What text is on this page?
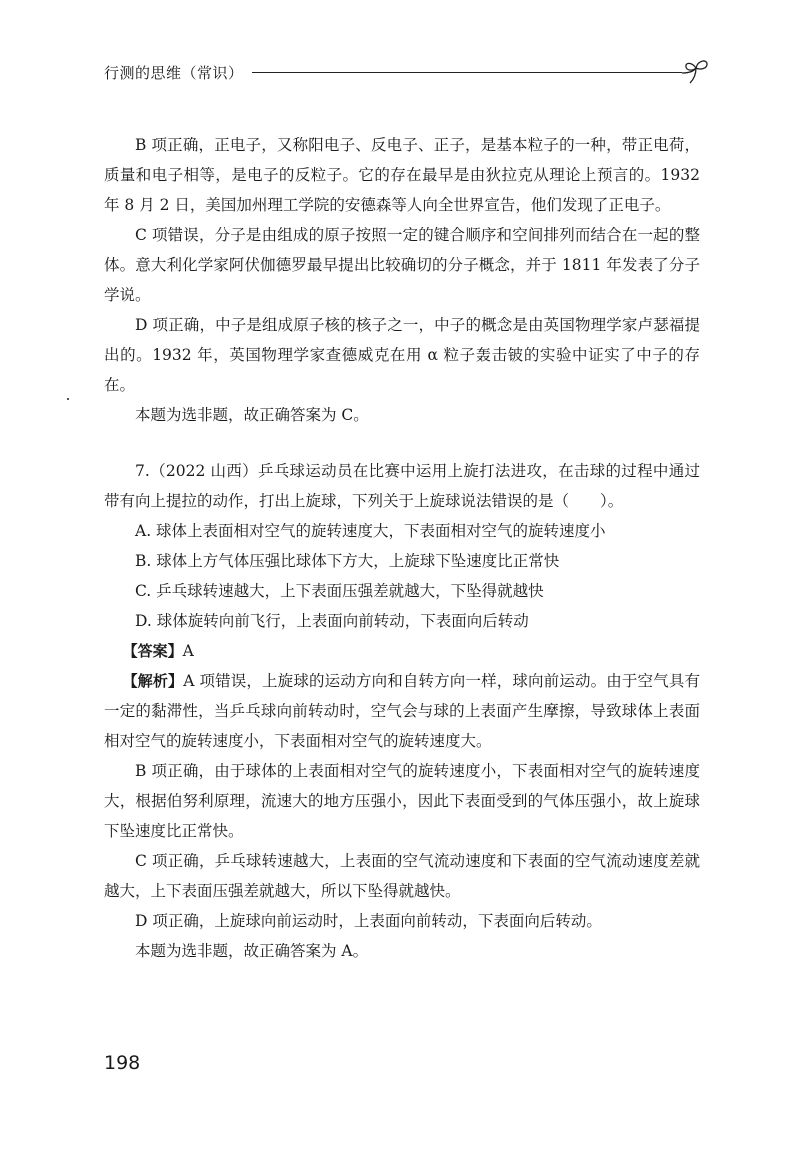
行测的思维（常识）

B 项正确，正电子，又称阳电子、反电子、正子，是基本粒子的一种，带正电荷，质量和电子相等，是电子的反粒子。它的存在最早是由狄拉克从理论上预言的。1932 年 8 月 2 日，美国加州理工学院的安德森等人向全世界宣告，他们发现了正电子。

C 项错误，分子是由组成的原子按照一定的键合顺序和空间排列而结合在一起的整体。意大利化学家阿伏伽德罗最早提出比较确切的分子概念，并于 1811 年发表了分子学说。

D 项正确，中子是组成原子核的核子之一，中子的概念是由英国物理学家卢瑟福提出的。1932 年，英国物理学家查德威克在用 α 粒子轰击铍的实验中证实了中子的存在。

本题为选非题，故正确答案为 C。

7.（2022 山西）乒乓球运动员在比赛中运用上旋打法进攻，在击球的过程中通过带有向上提拉的动作，打出上旋球，下列关于上旋球说法错误的是（　　）。

A. 球体上表面相对空气的旋转速度大，下表面相对空气的旋转速度小

B. 球体上方气体压强比球体下方大，上旋球下坠速度比正常快

C. 乒乓球转速越大，上下表面压强差就越大，下坠得就越快

D. 球体旋转向前飞行，上表面向前转动，下表面向后转动

【答案】A

【解析】A 项错误，上旋球的运动方向和自转方向一样，球向前运动。由于空气具有一定的黏滞性，当乒乓球向前转动时，空气会与球的上表面产生摩擦，导致球体上表面相对空气的旋转速度小，下表面相对空气的旋转速度大。

B 项正确，由于球体的上表面相对空气的旋转速度小，下表面相对空气的旋转速度大，根据伯努利原理，流速大的地方压强小，因此下表面受到的气体压强小，故上旋球下坠速度比正常快。

C 项正确，乒乓球转速越大，上表面的空气流动速度和下表面的空气流动速度差就越大，上下表面压强差就越大，所以下坠得就越快。

D 项正确，上旋球向前运动时，上表面向前转动，下表面向后转动。

本题为选非题，故正确答案为 A。

198
